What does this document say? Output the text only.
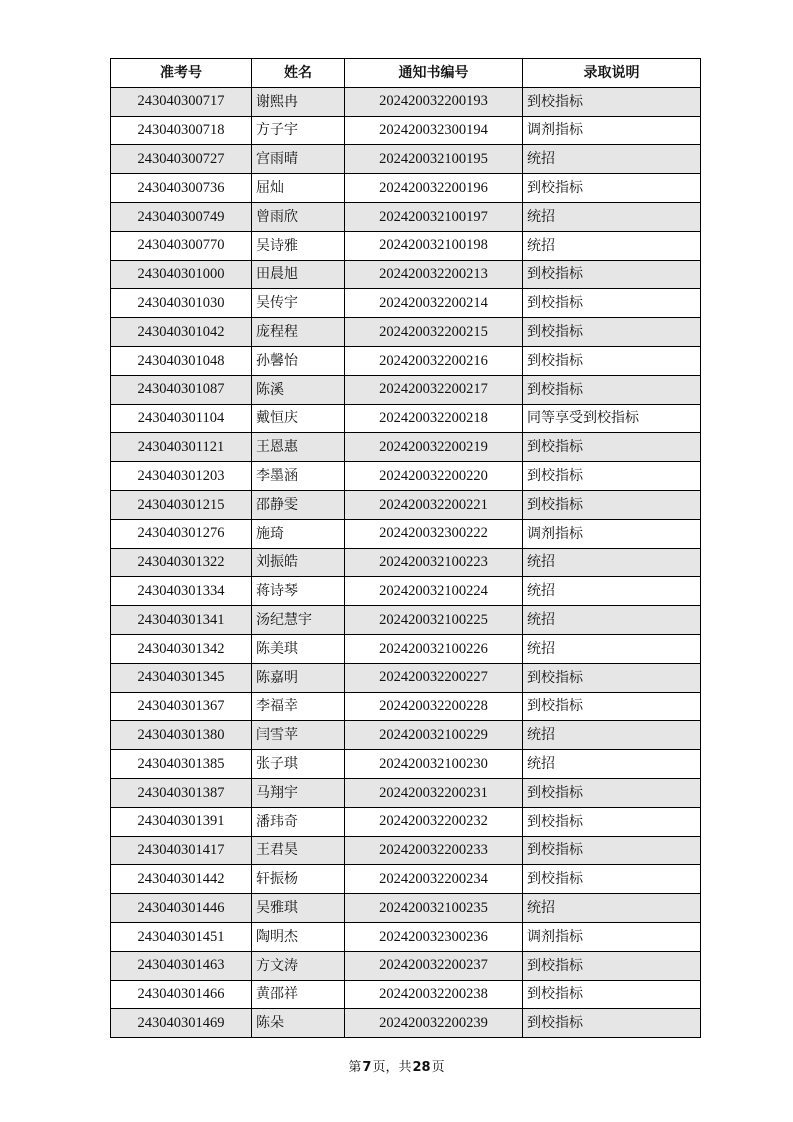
准考号	姓名	通知书编号	录取说明
243040300717	谢熙冉	202420032200193	到校指标
243040300718	方子宇	202420032300194	调剂指标
243040300727	宫雨晴	202420032100195	统招
243040300736	屈灿	202420032200196	到校指标
243040300749	曾雨欣	202420032100197	统招
243040300770	吴诗雅	202420032100198	统招
243040301000	田晨旭	202420032200213	到校指标
243040301030	吴传宇	202420032200214	到校指标
243040301042	庞程程	202420032200215	到校指标
243040301048	孙馨怡	202420032200216	到校指标
243040301087	陈溪	202420032200217	到校指标
243040301104	戴恒庆	202420032200218	同等享受到校指标
243040301121	王恩惠	202420032200219	到校指标
243040301203	李墨涵	202420032200220	到校指标
243040301215	邵静雯	202420032200221	到校指标
243040301276	施琦	202420032300222	调剂指标
243040301322	刘振皓	202420032100223	统招
243040301334	蒋诗琴	202420032100224	统招
243040301341	汤纪慧宇	202420032100225	统招
243040301342	陈美琪	202420032100226	统招
243040301345	陈嘉明	202420032200227	到校指标
243040301367	李福幸	202420032200228	到校指标
243040301380	闫雪苹	202420032100229	统招
243040301385	张子琪	202420032100230	统招
243040301387	马翔宇	202420032200231	到校指标
243040301391	潘玮奇	202420032200232	到校指标
243040301417	王君昊	202420032200233	到校指标
243040301442	轩振杨	202420032200234	到校指标
243040301446	吴雅琪	202420032100235	统招
243040301451	陶明杰	202420032300236	调剂指标
243040301463	方文涛	202420032200237	到校指标
243040301466	黄邵祥	202420032200238	到校指标
243040301469	陈朵	202420032200239	到校指标
第7页，共28页
